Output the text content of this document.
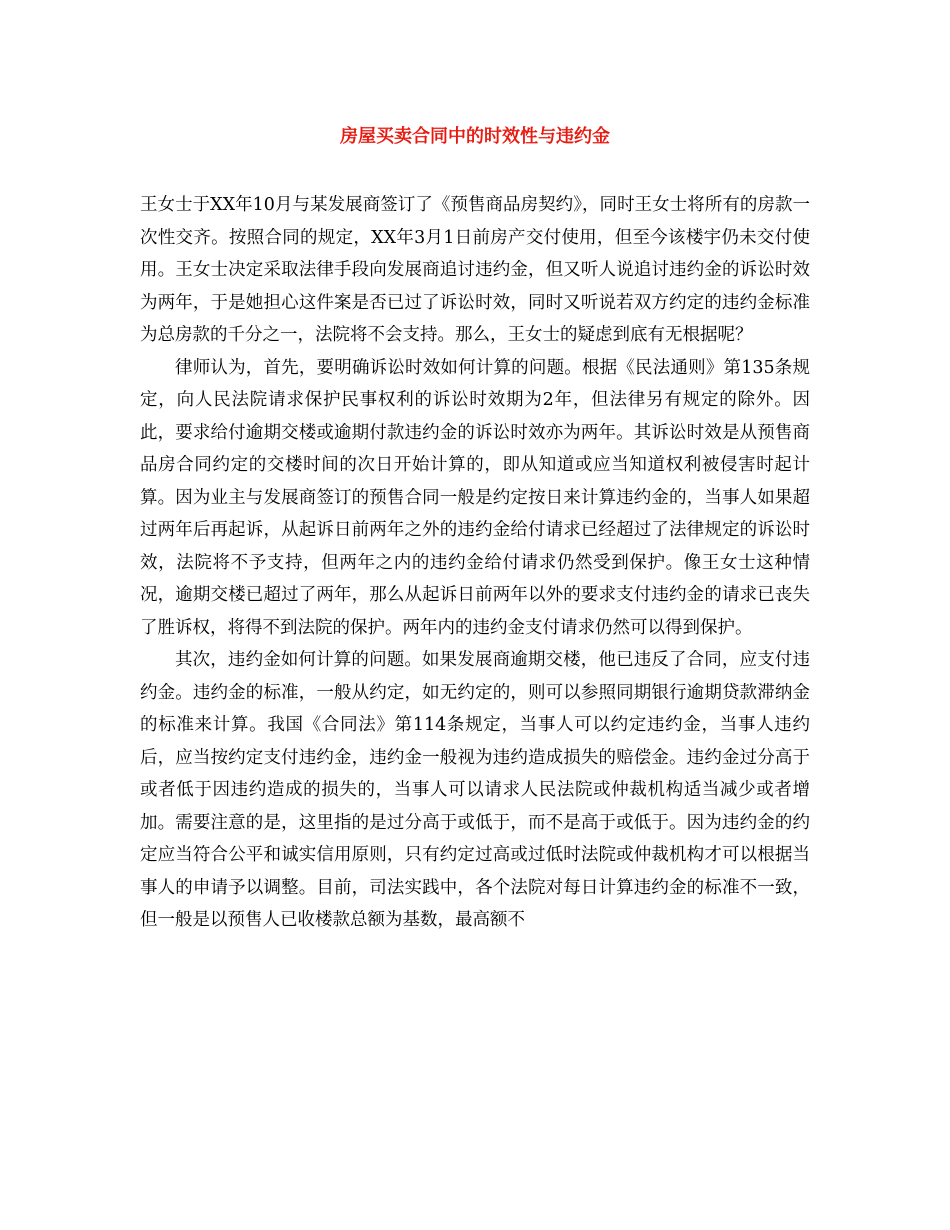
房屋买卖合同中的时效性与违约金

王女士于XX年10月与某发展商签订了《预售商品房契约》，同时王女士将所有的房款一次性交齐。按照合同的规定，XX年3月1日前房产交付使用，但至今该楼宇仍未交付使用。王女士决定采取法律手段向发展商追讨违约金，但又听人说追讨违约金的诉讼时效为两年，于是她担心这件案是否已过了诉讼时效，同时又听说若双方约定的违约金标准为总房款的千分之一，法院将不会支持。那么，王女士的疑虑到底有无根据呢？

律师认为，首先，要明确诉讼时效如何计算的问题。根据《民法通则》第135条规定，向人民法院请求保护民事权利的诉讼时效期为2年，但法律另有规定的除外。因此，要求给付逾期交楼或逾期付款违约金的诉讼时效亦为两年。其诉讼时效是从预售商品房合同约定的交楼时间的次日开始计算的，即从知道或应当知道权利被侵害时起计算。因为业主与发展商签订的预售合同一般是约定按日来计算违约金的，当事人如果超过两年后再起诉，从起诉日前两年之外的违约金给付请求已经超过了法律规定的诉讼时效，法院将不予支持，但两年之内的违约金给付请求仍然受到保护。像王女士这种情况，逾期交楼已超过了两年，那么从起诉日前两年以外的要求支付违约金的请求已丧失了胜诉权，将得不到法院的保护。两年内的违约金支付请求仍然可以得到保护。

其次，违约金如何计算的问题。如果发展商逾期交楼，他已违反了合同，应支付违约金。违约金的标准，一般从约定，如无约定的，则可以参照同期银行逾期贷款滞纳金的标准来计算。我国《合同法》第114条规定，当事人可以约定违约金，当事人违约后，应当按约定支付违约金，违约金一般视为违约造成损失的赔偿金。违约金过分高于或者低于因违约造成的损失的，当事人可以请求人民法院或仲裁机构适当减少或者增加。需要注意的是，这里指的是过分高于或低于，而不是高于或低于。因为违约金的约定应当符合公平和诚实信用原则，只有约定过高或过低时法院或仲裁机构才可以根据当事人的申请予以调整。目前，司法实践中，各个法院对每日计算违约金的标准不一致，但一般是以预售人已收楼款总额为基数，最高额不
